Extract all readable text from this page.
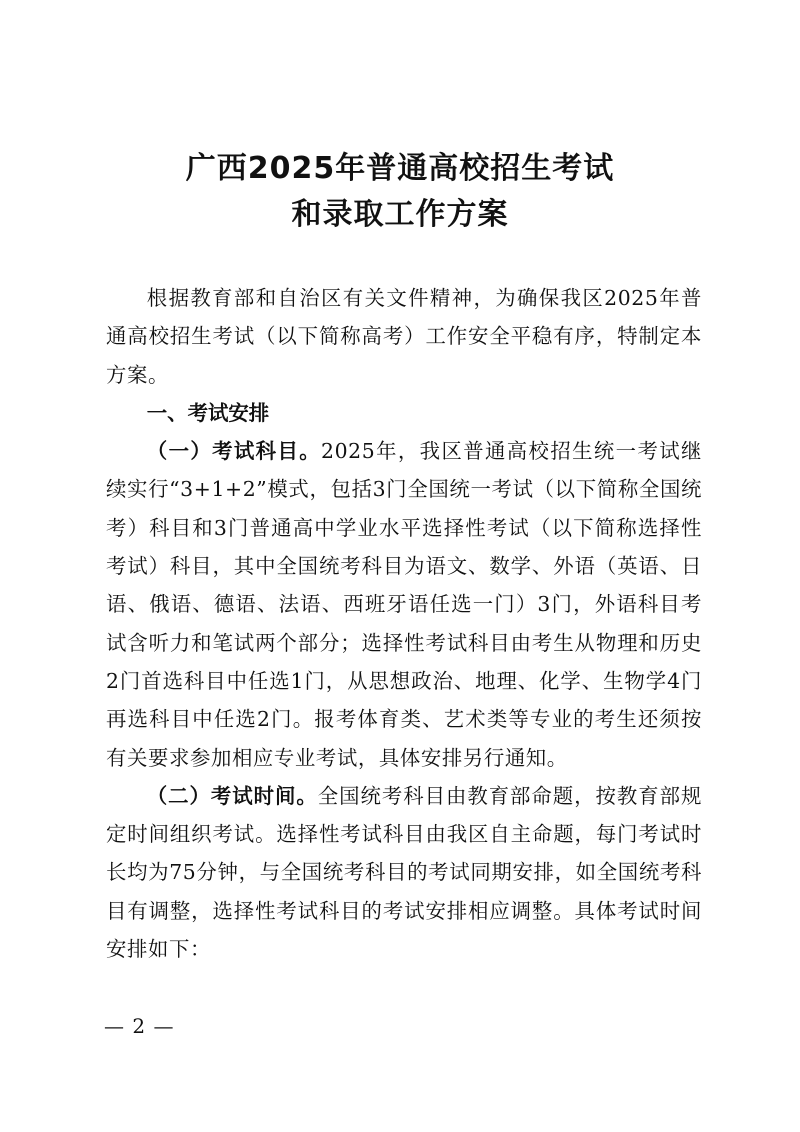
广西2025年普通高校招生考试
和录取工作方案

根据教育部和自治区有关文件精神，为确保我区2025年普通高校招生考试（以下简称高考）工作安全平稳有序，特制定本方案。

一、考试安排

（一）考试科目。2025年，我区普通高校招生统一考试继续实行“3+1+2”模式，包括3门全国统一考试（以下简称全国统考）科目和3门普通高中学业水平选择性考试（以下简称选择性考试）科目，其中全国统考科目为语文、数学、外语（英语、日语、俄语、德语、法语、西班牙语任选一门）3门，外语科目考试含听力和笔试两个部分；选择性考试科目由考生从物理和历史2门首选科目中任选1门，从思想政治、地理、化学、生物学4门再选科目中任选2门。报考体育类、艺术类等专业的考生还须按有关要求参加相应专业考试，具体安排另行通知。

（二）考试时间。全国统考科目由教育部命题，按教育部规定时间组织考试。选择性考试科目由我区自主命题，每门考试时长均为75分钟，与全国统考科目的考试同期安排，如全国统考科目有调整，选择性考试科目的考试安排相应调整。具体考试时间安排如下：

— 2 —
